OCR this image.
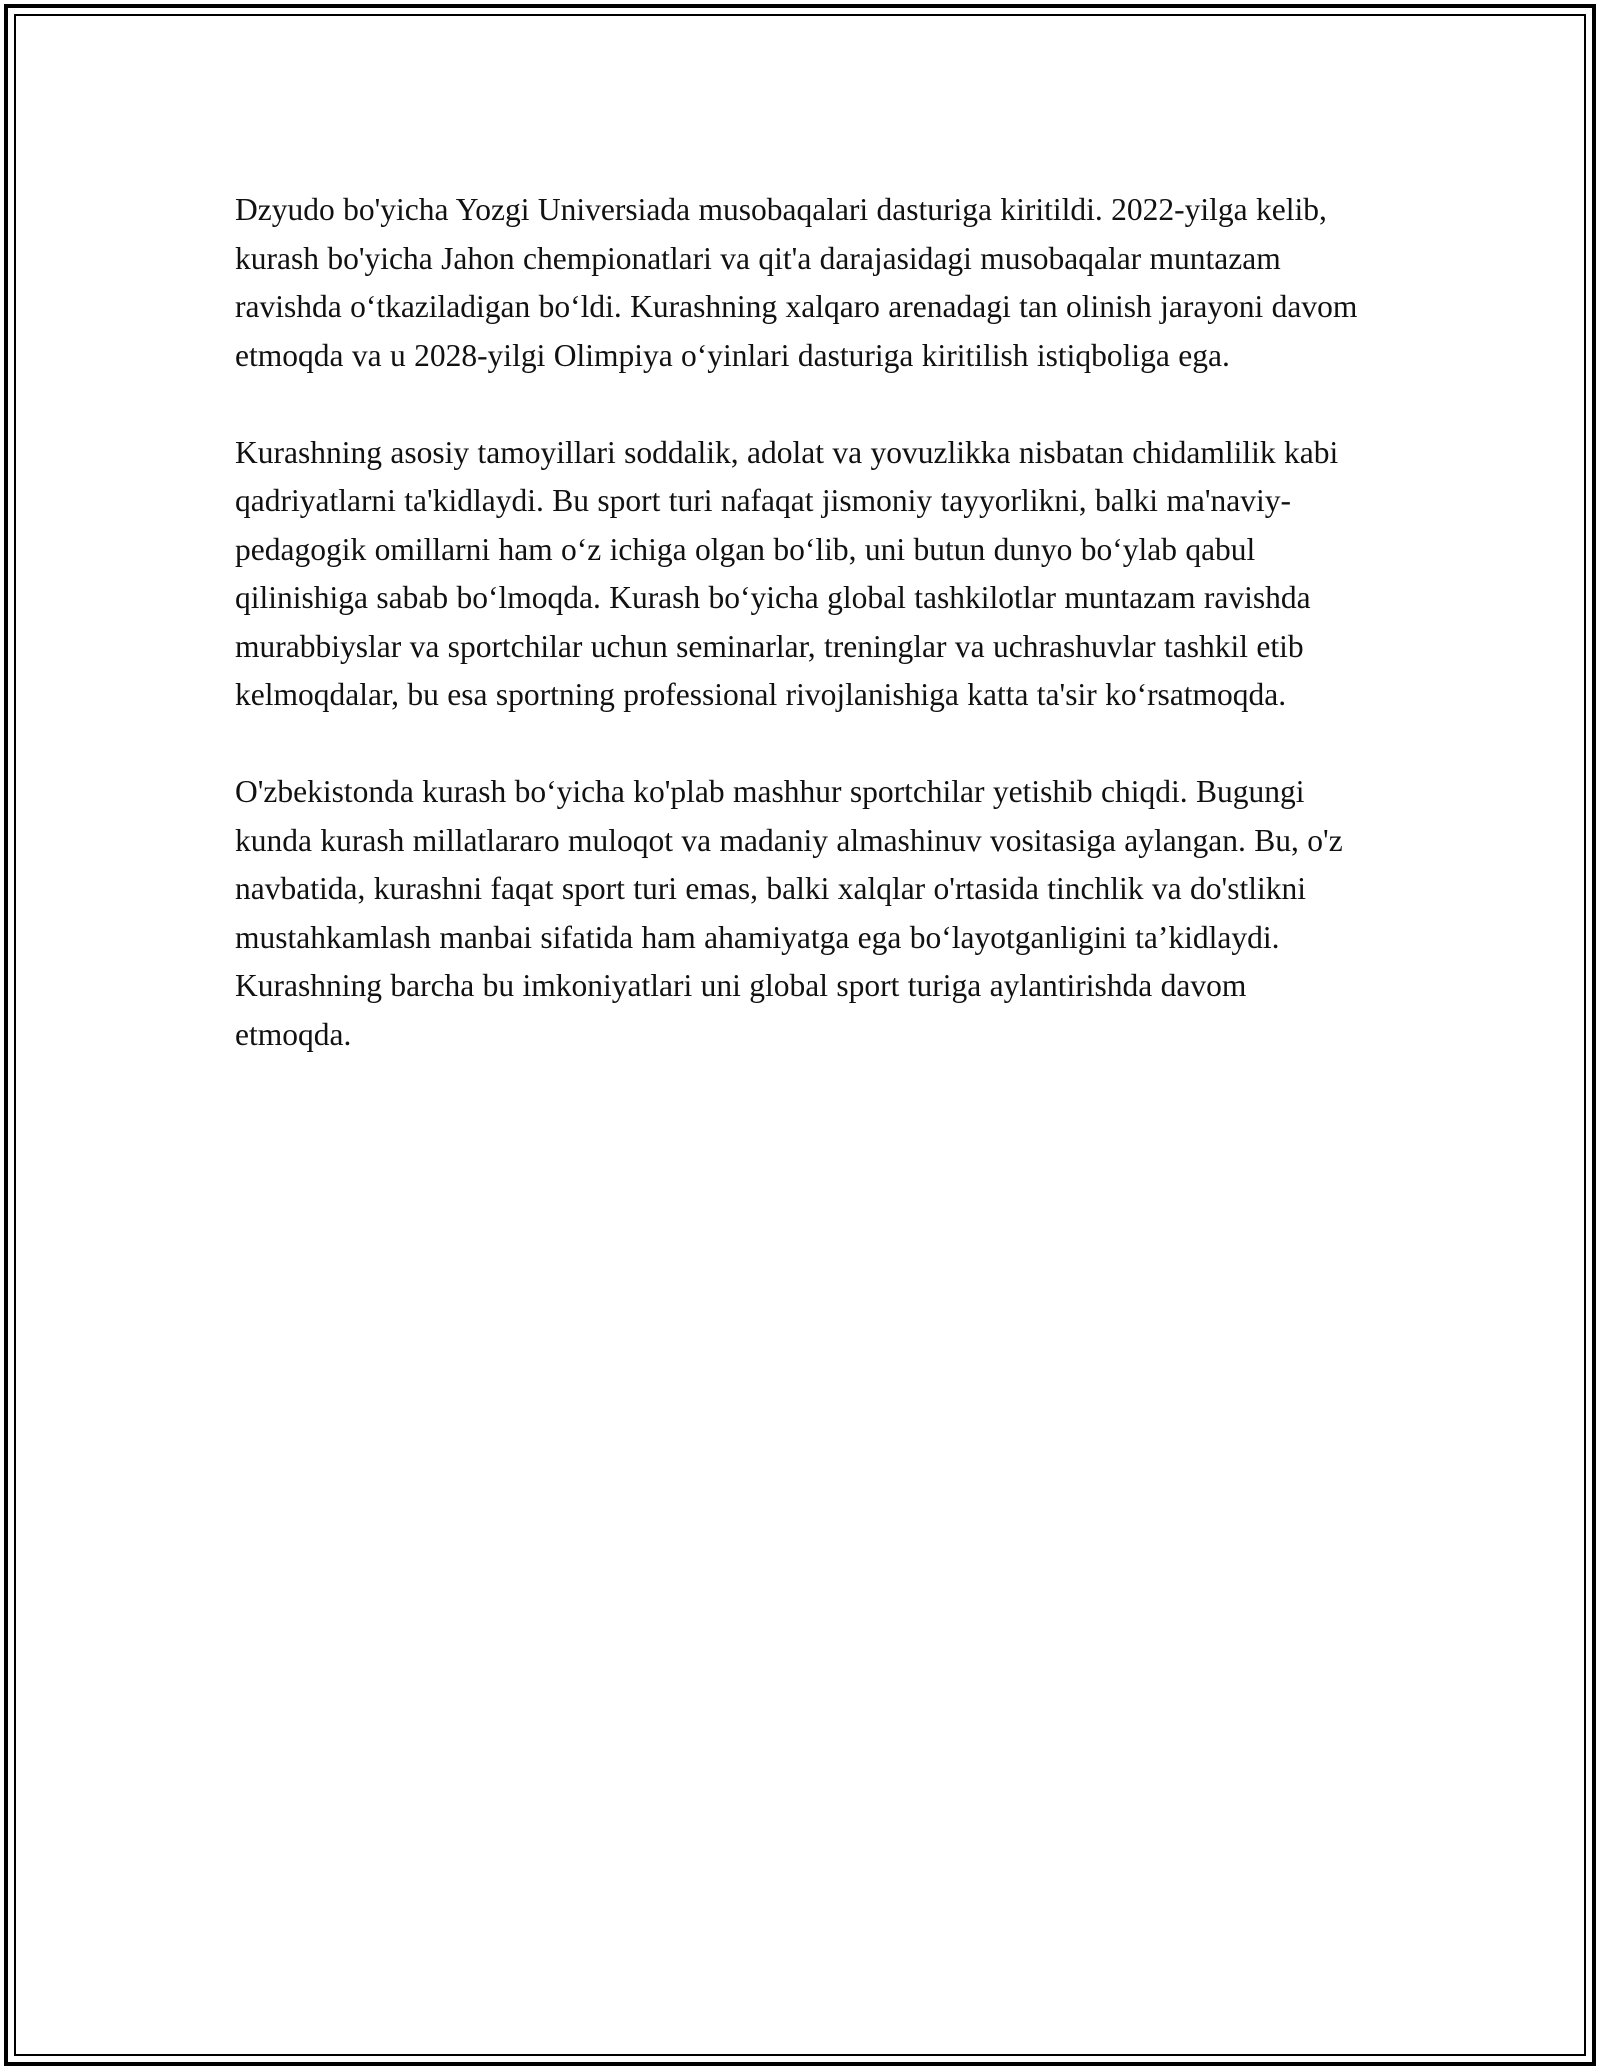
Dzyudo bo'yicha Yozgi Universiada musobaqalari dasturiga kiritildi. 2022-yilga kelib, kurash bo'yicha Jahon chempionatlari va qit'a darajasidagi musobaqalar muntazam ravishda o‘tkaziladigan bo‘ldi. Kurashning xalqaro arenadagi tan olinish jarayoni davom etmoqda va u 2028-yilgi Olimpiya o‘yinlari dasturiga kiritilish istiqboliga ega.

Kurashning asosiy tamoyillari soddalik, adolat va yovuzlikka nisbatan chidamlilik kabi qadriyatlarni ta'kidlaydi. Bu sport turi nafaqat jismoniy tayyorlikni, balki ma'naviy-pedagogik omillarni ham o‘z ichiga olgan bo‘lib, uni butun dunyo bo‘ylab qabul qilinishiga sabab bo‘lmoqda. Kurash bo‘yicha global tashkilotlar muntazam ravishda murabbiyslar va sportchilar uchun seminarlar, treninglar va uchrashuvlar tashkil etib kelmoqdalar, bu esa sportning professional rivojlanishiga katta ta'sir ko‘rsatmoqda.

O'zbekistonda kurash bo‘yicha ko'plab mashhur sportchilar yetishib chiqdi. Bugungi kunda kurash millatlararo muloqot va madaniy almashinuv vositasiga aylangan. Bu, o'z navbatida, kurashni faqat sport turi emas, balki xalqlar o'rtasida tinchlik va do'stlikni mustahkamlash manbai sifatida ham ahamiyatga ega bo‘layotganligini ta’kidlaydi. Kurashning barcha bu imkoniyatlari uni global sport turiga aylantirishda davom etmoqda.
